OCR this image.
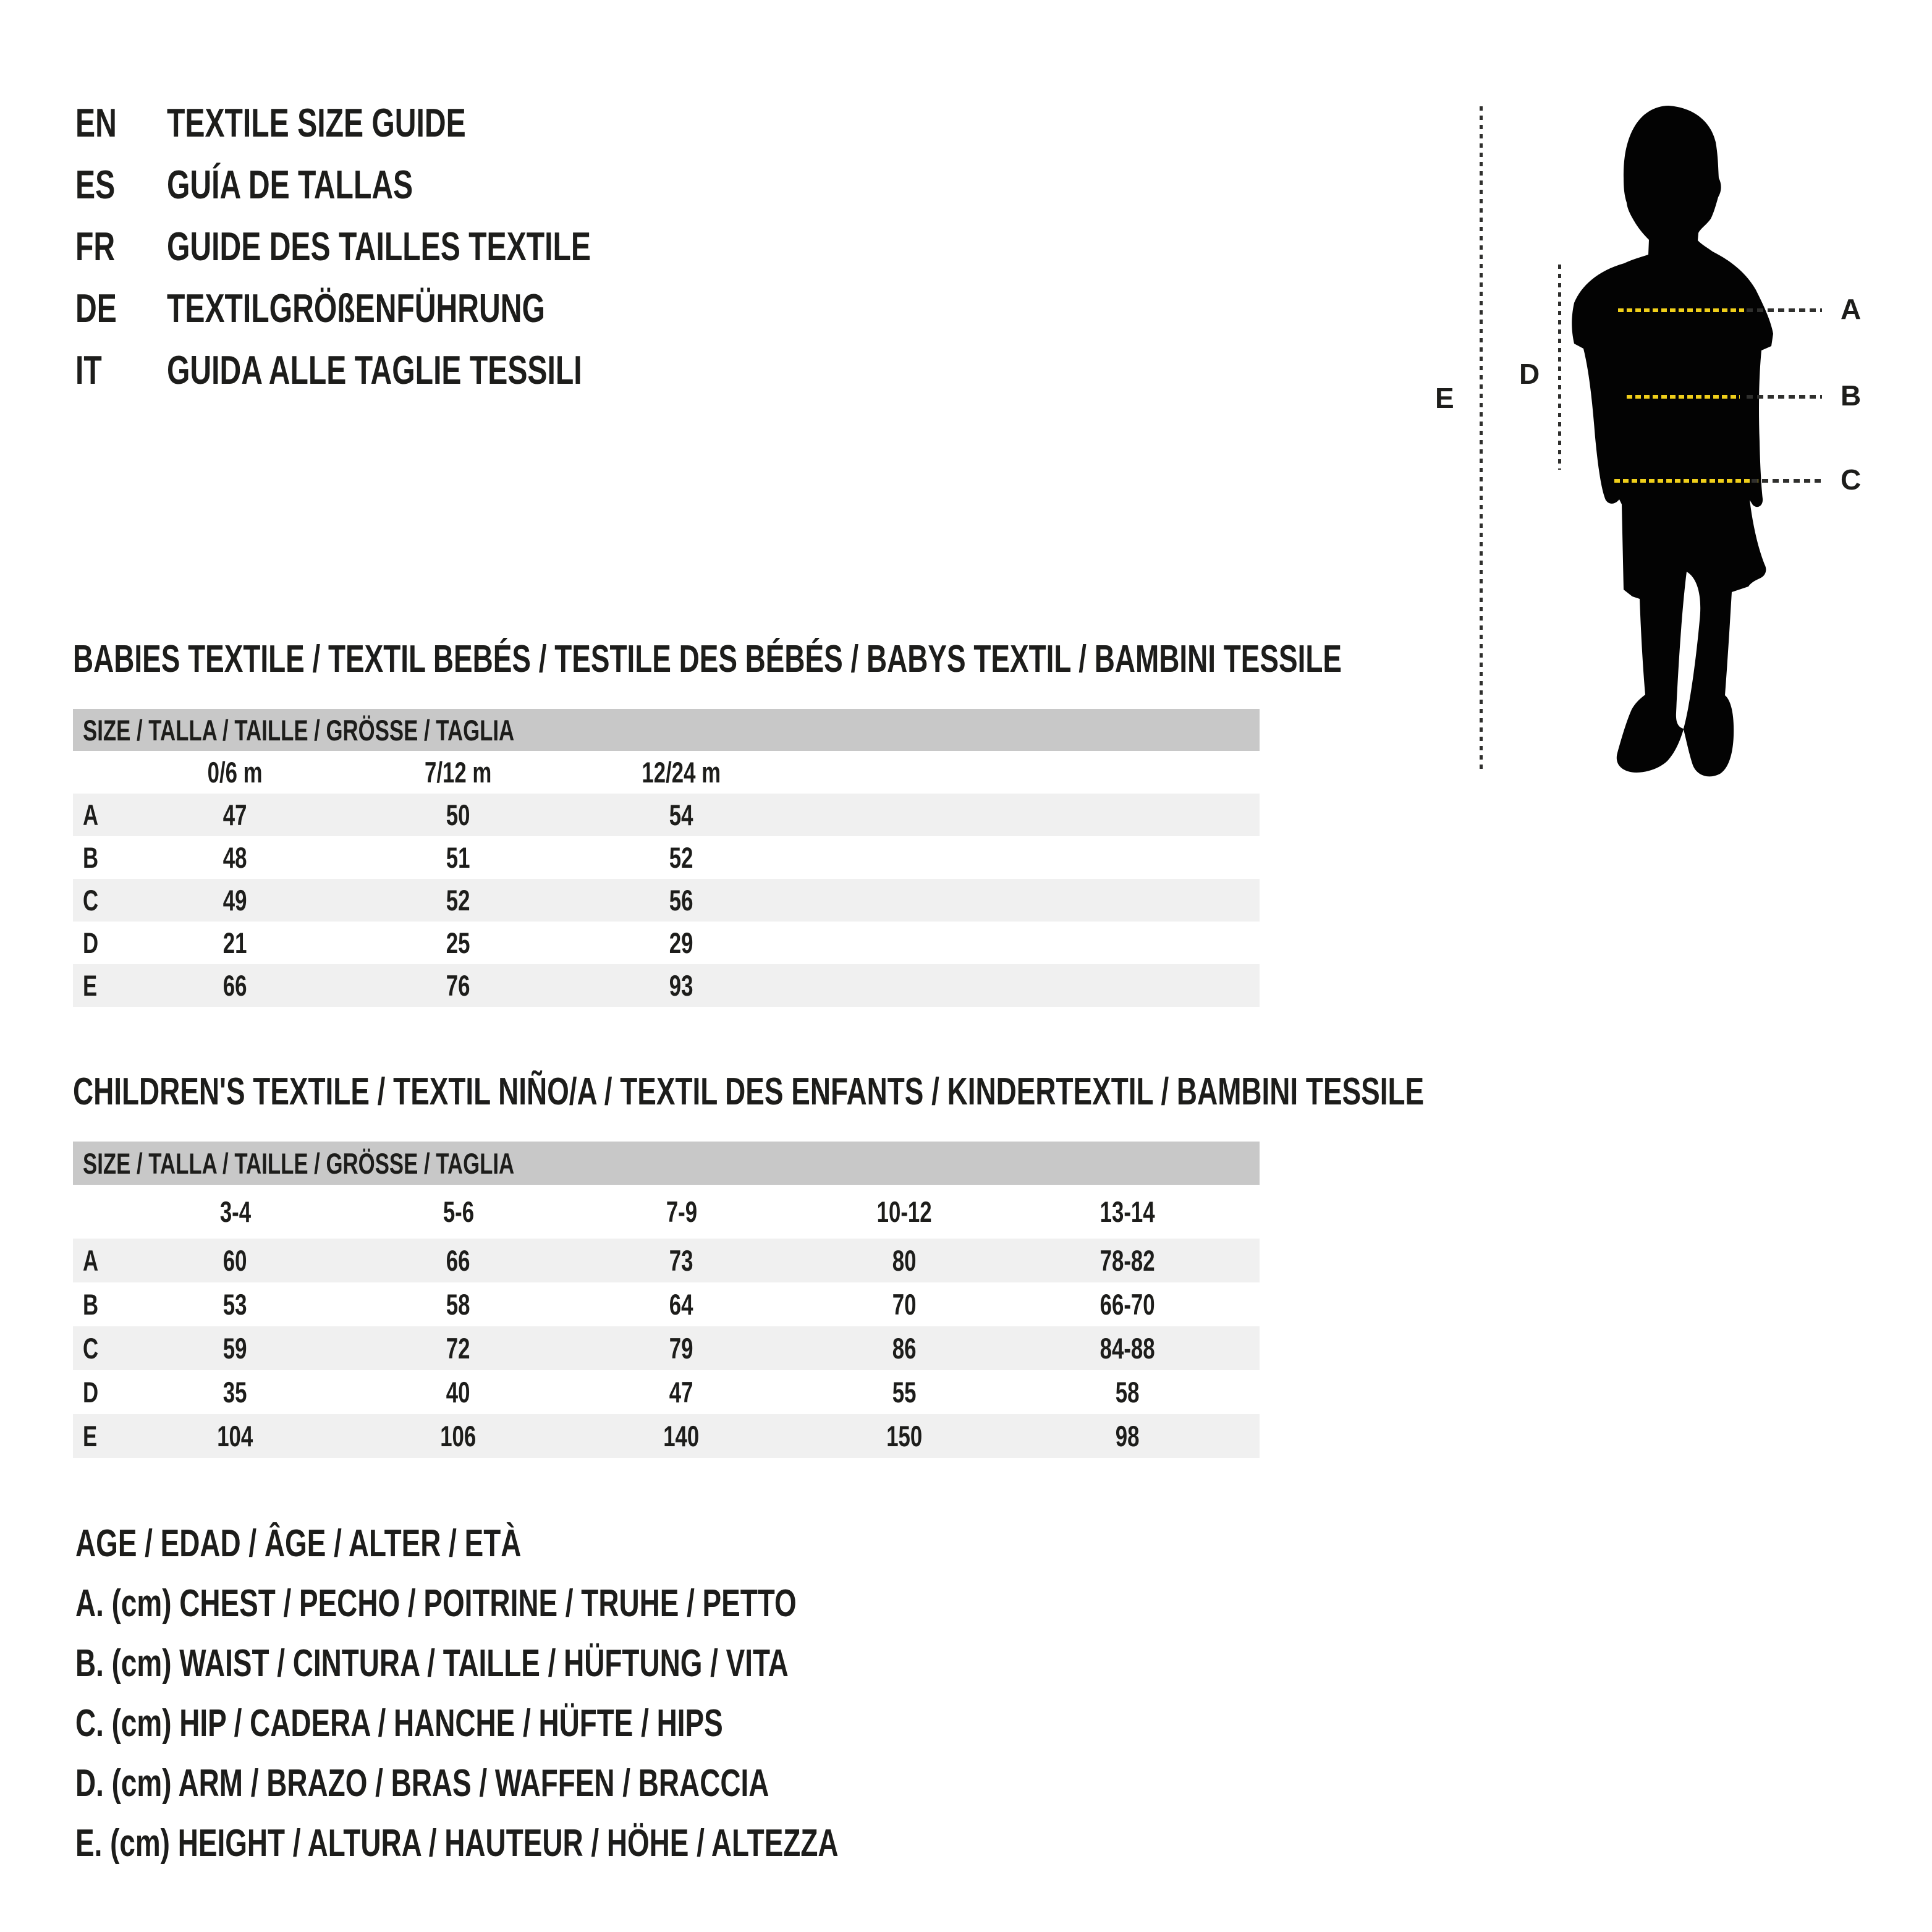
EN	TEXTILE SIZE GUIDE
ES	GUÍA DE TALLAS
FR	GUIDE DES TAILLES TEXTILE
DE	TEXTILGRÖßENFÜHRUNG
IT GUIDA ALLE TAGLIE TESSILI
A
B
C
D
E
BABIES TEXTILE / TEXTIL BEBÉS / TESTILE DES BÉBÉS / BABYS TEXTIL / BAMBINI TESSILE
SIZE / TALLA / TAILLE / GRÖSSE / TAGLIA
0/6 m	7/12 m	12/24 m
A	47	50	54
B	48	51	52
C	49	52	56
D	21	25	29
E	66	76	93
CHILDREN'S TEXTILE / TEXTIL NIÑO/A / TEXTIL DES ENFANTS / KINDERTEXTIL / BAMBINI TESSILE
SIZE / TALLA / TAILLE / GRÖSSE / TAGLIA
3-4	5-6	7-9	10-12	13-14
A	60	66	73	80	78-82
B	53	58	64	70	66-70
C	59	72	79	86	84-88
D	35	40	47	55	58
E	104	106	140	150	98
AGE / EDAD / ÂGE / ALTER / ETÀ
A. (cm) CHEST / PECHO / POITRINE / TRUHE / PETTO
B. (cm) WAIST / CINTURA / TAILLE / HÜFTUNG / VITA
C. (cm) HIP / CADERA / HANCHE / HÜFTE / HIPS
D. (cm) ARM / BRAZO / BRAS / WAFFEN / BRACCIA
E. (cm) HEIGHT / ALTURA / HAUTEUR / HÖHE / ALTEZZA
